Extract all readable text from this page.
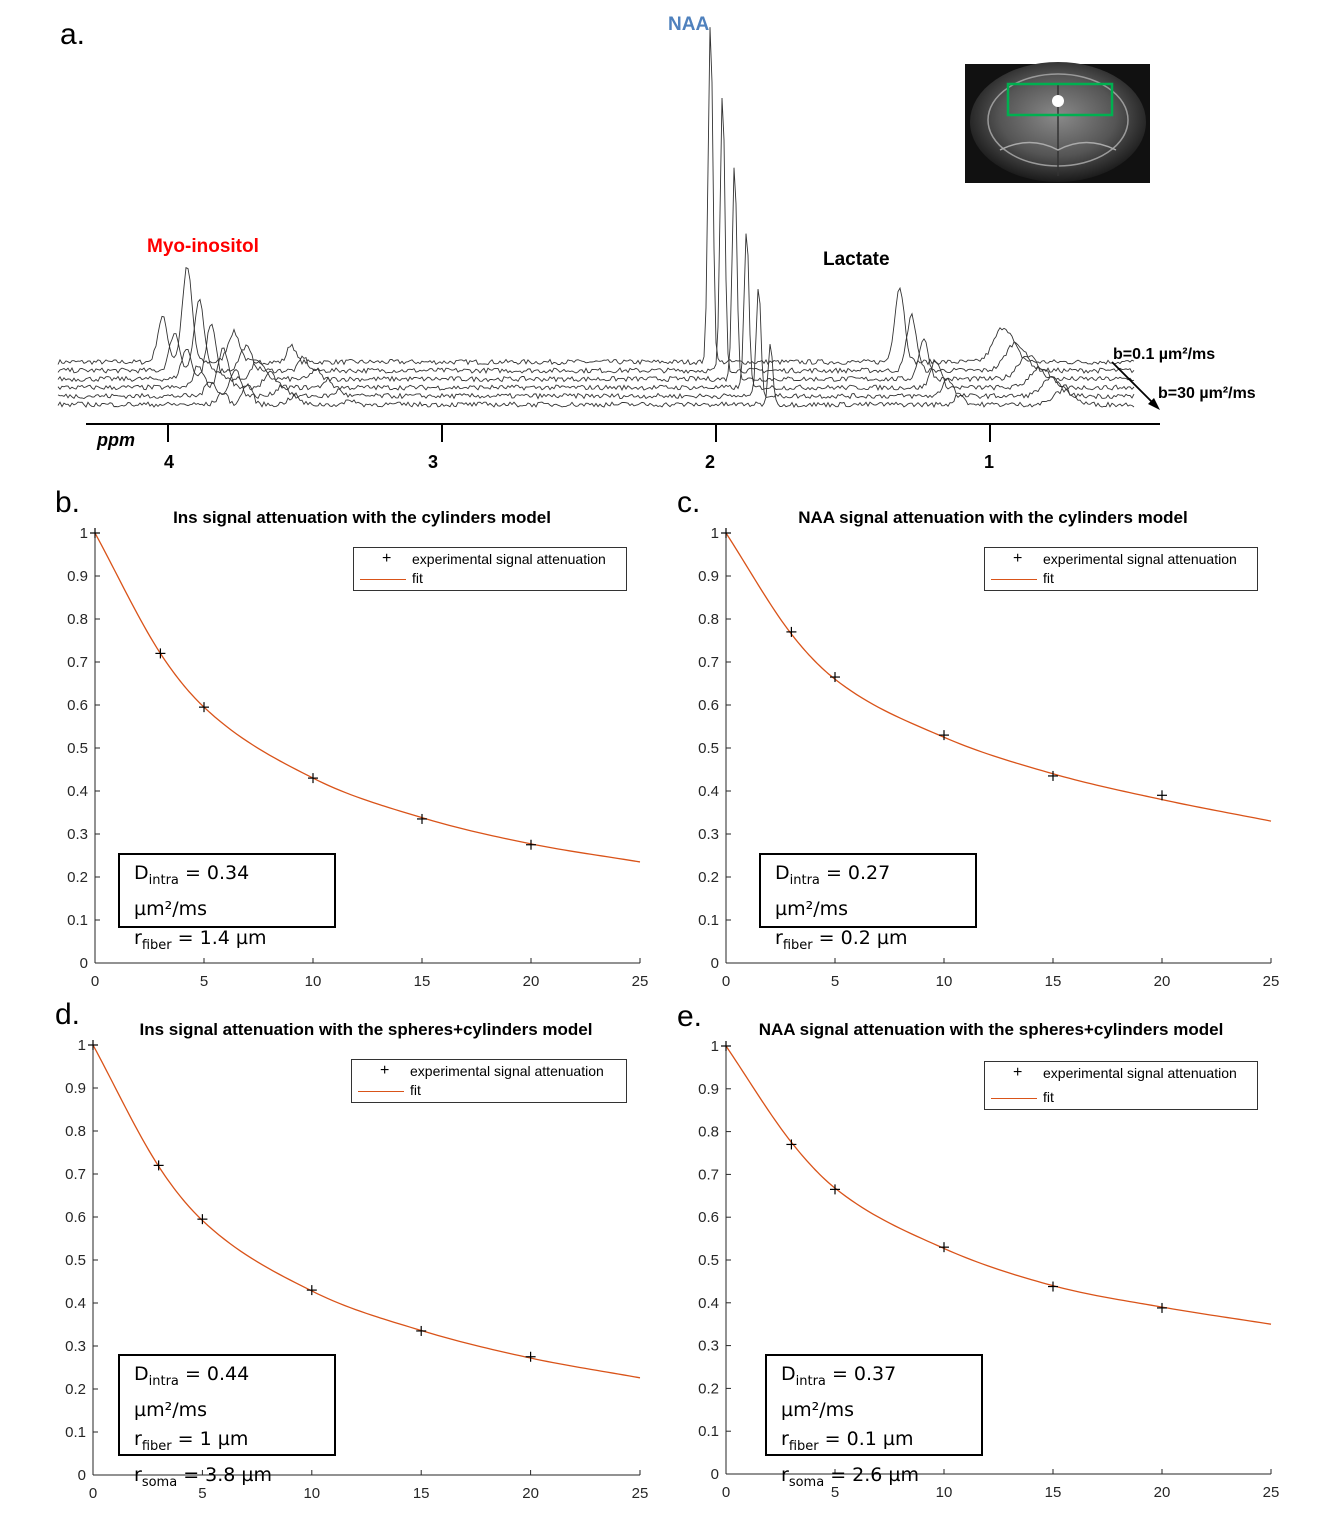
a.
Myo-inositol
NAA
Lactate
b=0.1 µm²/ms
b=30 µm²/ms
ppm
4	3	2	1
b.	Ins signal attenuation with the cylinders model
0	5	10	15	20	25
0
0.1
0.2
0.3
0.4
0.5
0.6
0.7
0.8
0.9
1
+ experimental signal attenuation
fit
$D_{intra} = 0.34$ µm²/ms
$r_{fiber} = 1.4$ µm
c.	NAA signal attenuation with the cylinders model
0	5	10	15	20	25
0
0.1
0.2
0.3
0.4
0.5
0.6
0.7
0.8
0.9
1
+ experimental signal attenuation
fit
$D_{intra} = 0.27$ µm²/ms
$r_{fiber} = 0.2$ µm
d.	Ins signal attenuation with the spheres+cylinders model
0	5	10	15	20	25
0
0.1
0.2
0.3
0.4
0.5
0.6
0.7
0.8
0.9
1
+ experimental signal attenuation
fit
$D_{intra} = 0.44$ µm²/ms
$r_{fiber} = 1$ µm
$r_{soma} = 3.8$ µm
e.	NAA signal attenuation with the spheres+cylinders model
0	5	10	15	20	25
0
0.1
0.2
0.3
0.4
0.5
0.6
0.7
0.8
0.9
1
+ experimental signal attenuation
fit
$D_{intra} = 0.37$ µm²/ms
$r_{fiber} = 0.1$ µm
$r_{soma} = 2.6$ µm
